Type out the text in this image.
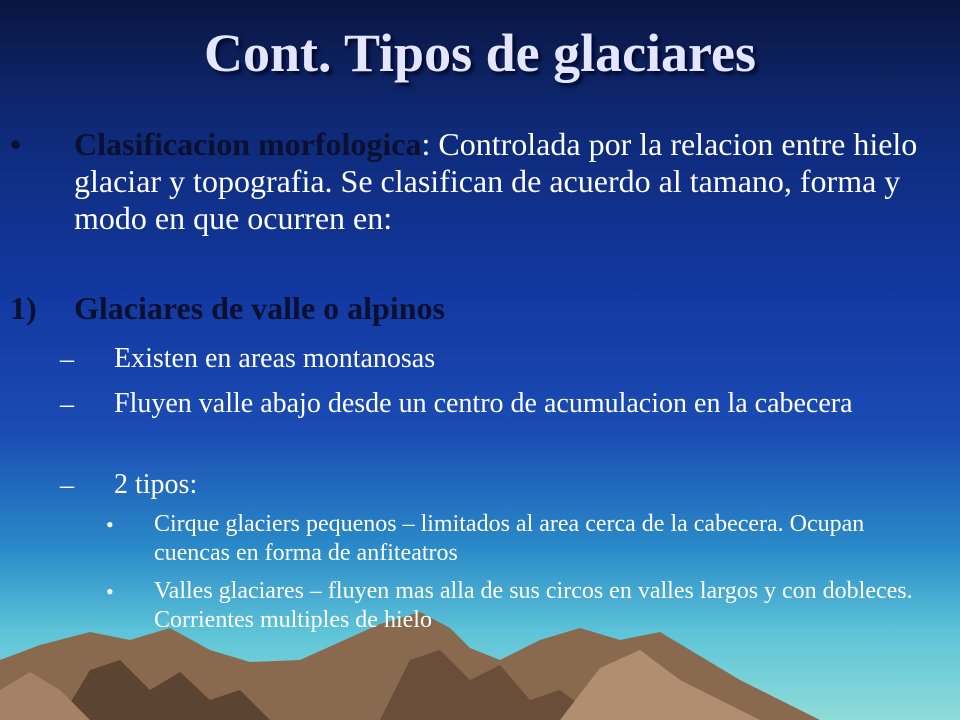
Cont. Tipos de glaciares
• Clasificacion morfologica: Controlada por la relacion entre hielo glaciar y topografia. Se clasifican de acuerdo al tamano, forma y modo en que ocurren en:
1) Glaciares de valle o alpinos
– Existen en areas montanosas
– Fluyen valle abajo desde un centro de acumulacion en la cabecera
– 2 tipos:
• Cirque glaciers pequenos – limitados al area cerca de la cabecera. Ocupan cuencas en forma de anfiteatros
• Valles glaciares – fluyen mas alla de sus circos en valles largos y con dobleces. Corrientes multiples de hielo
